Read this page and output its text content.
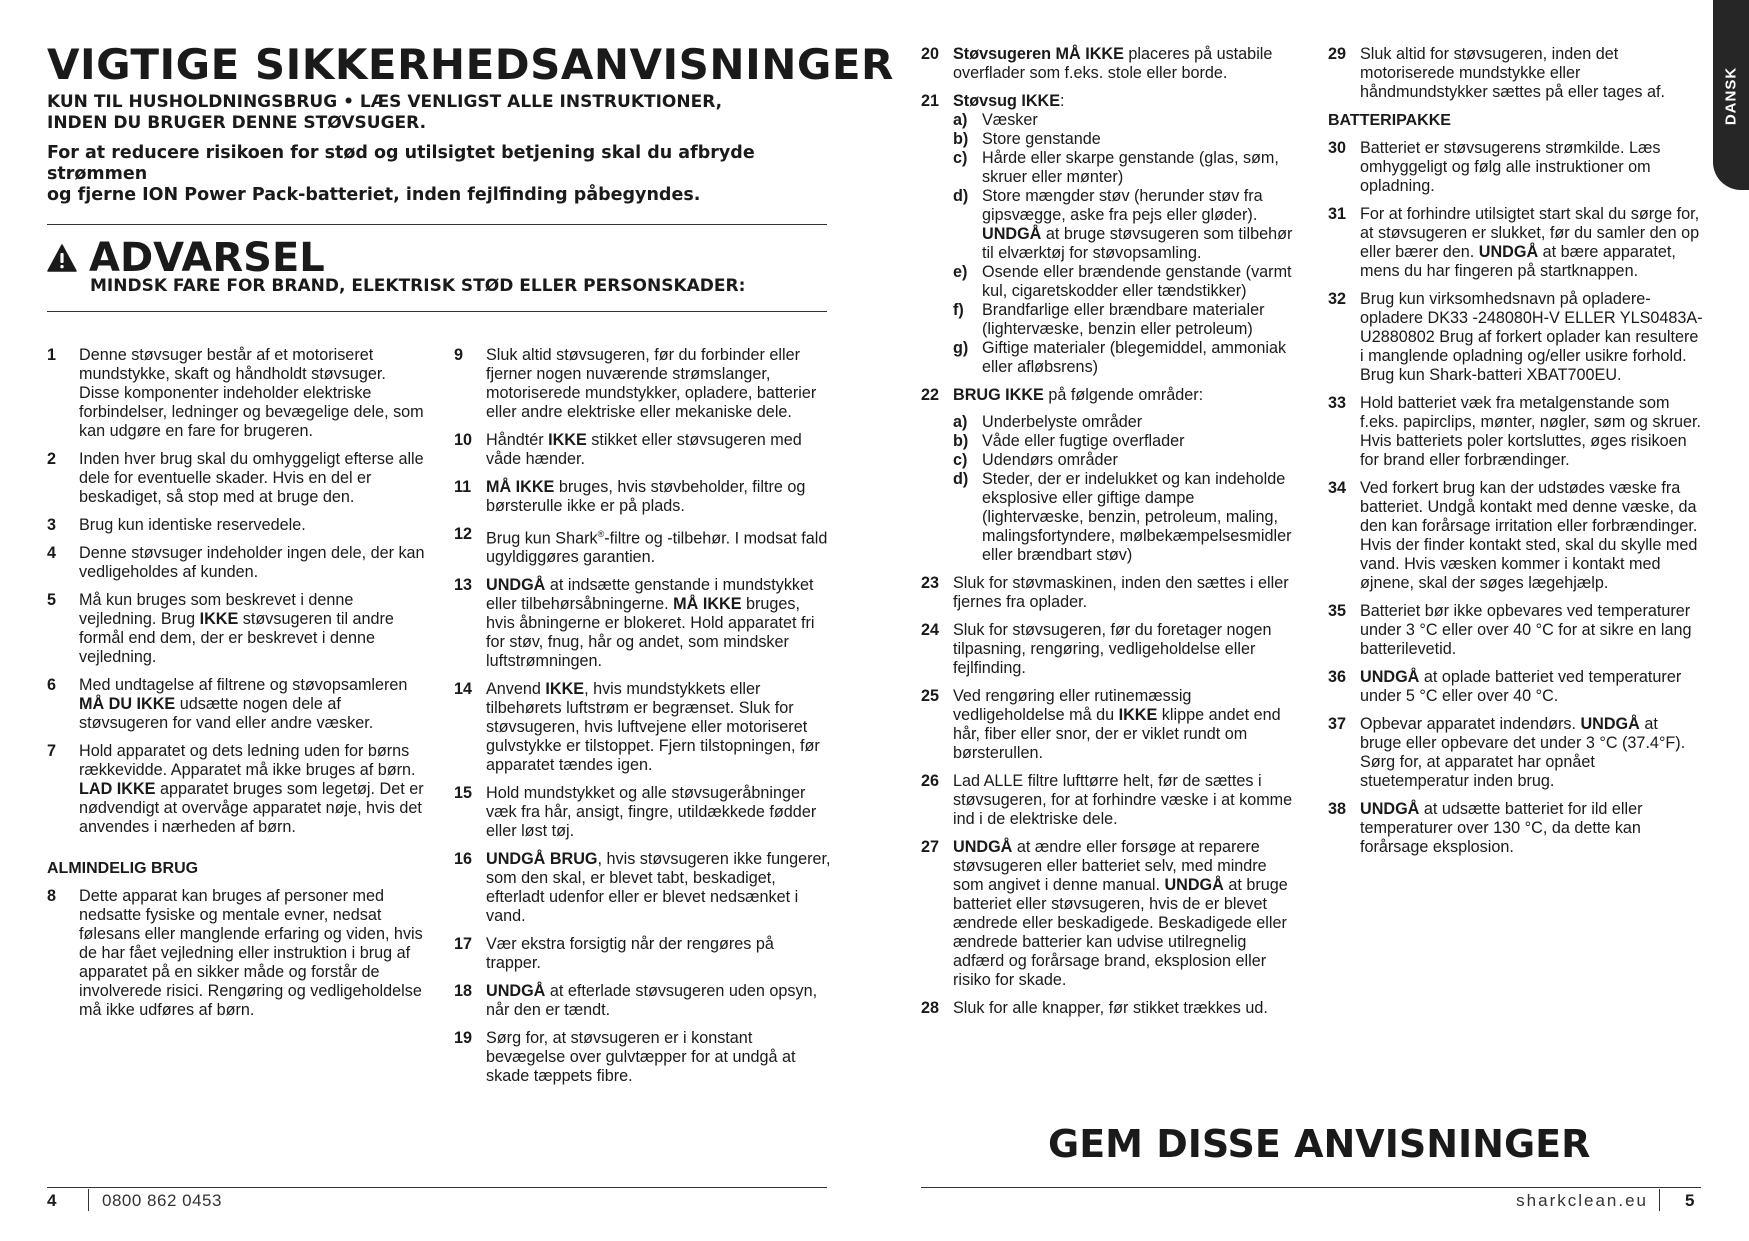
VIGTIGE SIKKERHEDSANVISNINGER

KUN TIL HUSHOLDNINGSBRUG • LÆS VENLIGST ALLE INSTRUKTIONER,
INDEN DU BRUGER DENNE STØVSUGER.

For at reducere risikoen for stød og utilsigtet betjening skal du afbryde strømmen
og fjerne ION Power Pack-batteriet, inden fejlfinding påbegyndes.

ADVARSEL
MINDSK FARE FOR BRAND, ELEKTRISK STØD ELLER PERSONSKADER:
1	Denne støvsuger består af et motoriseret mundstykke, skaft og håndholdt støvsuger. Disse komponenter indeholder elektriske forbindelser, ledninger og bevægelige dele, som kan udgøre en fare for brugeren.
2	Inden hver brug skal du omhyggeligt efterse alle dele for eventuelle skader. Hvis en del er beskadiget, så stop med at bruge den.
3	Brug kun identiske reservedele.
4	Denne støvsuger indeholder ingen dele, der kan vedligeholdes af kunden.
5	Må kun bruges som beskrevet i denne vejledning. Brug IKKE støvsugeren til andre formål end dem, der er beskrevet i denne vejledning.
6	Med undtagelse af filtrene og støvopsamleren MÅ DU IKKE udsætte nogen dele af støvsugeren for vand eller andre væsker.
7	Hold apparatet og dets ledning uden for børns rækkevidde. Apparatet må ikke bruges af børn. LAD IKKE apparatet bruges som legetøj. Det er nødvendigt at overvåge apparatet nøje, hvis det anvendes i nærheden af børn.
ALMINDELIG BRUG
8	Dette apparat kan bruges af personer med nedsatte fysiske og mentale evner, nedsat følesans eller manglende erfaring og viden, hvis de har fået vejledning eller instruktion i brug af apparatet på en sikker måde og forstår de involverede risici. Rengøring og vedligeholdelse må ikke udføres af børn.
9	Sluk altid støvsugeren, før du forbinder eller fjerner nogen nuværende strømslanger, motoriserede mundstykker, opladere, batterier eller andre elektriske eller mekaniske dele.
10 Håndtér IKKE stikket eller støvsugeren med våde hænder.
11 MÅ IKKE bruges, hvis støvbeholder, filtre og børsterulle ikke er på plads.
12 Brug kun Shark®-filtre og -tilbehør. I modsat fald ugyldiggøres garantien.
13 UNDGÅ at indsætte genstande i mundstykket eller tilbehørsåbningerne. MÅ IKKE bruges, hvis åbningerne er blokeret. Hold apparatet fri for støv, fnug, hår og andet, som mindsker luftstrømningen.
14 Anvend IKKE, hvis mundstykkets eller tilbehørets luftstrøm er begrænset. Sluk for støvsugeren, hvis luftvejene eller motoriseret gulvstykke er tilstoppet. Fjern tilstopningen, før apparatet tændes igen.
15 Hold mundstykket og alle støvsugeråbninger væk fra hår, ansigt, fingre, utildækkede fødder eller løst tøj.
16 UNDGÅ BRUG, hvis støvsugeren ikke fungerer, som den skal, er blevet tabt, beskadiget, efterladt udenfor eller er blevet nedsænket i vand.
17 Vær ekstra forsigtig når der rengøres på trapper.
18 UNDGÅ at efterlade støvsugeren uden opsyn, når den er tændt.
19 Sørg for, at støvsugeren er i konstant bevægelse over gulvtæpper for at undgå at skade tæppets fibre.
20 Støvsugeren MÅ IKKE placeres på ustabile overflader som f.eks. stole eller borde.
21 Støvsug IKKE:
a) Væsker
b) Store genstande
c) Hårde eller skarpe genstande (glas, søm, skruer eller mønter)
d) Store mængder støv (herunder støv fra gipsvægge, aske fra pejs eller gløder).
UNDGÅ at bruge støvsugeren som tilbehør til elværktøj for støvopsamling.
e) Osende eller brændende genstande (varmt kul, cigaretskodder eller tændstikker)
f)	Brandfarlige eller brændbare materialer (lightervæske, benzin eller petroleum)
g) Giftige materialer (blegemiddel, ammoniak eller afløbsrens)
22 BRUG IKKE på følgende områder:
a) Underbelyste områder
b) Våde eller fugtige overflader
c) Udendørs områder
d) Steder, der er indelukket og kan indeholde eksplosive eller giftige dampe (lightervæske, benzin, petroleum, maling, malingsfortyndere, mølbekæmpelsesmidler eller brændbart støv)
23 Sluk for støvmaskinen, inden den sættes i eller fjernes fra oplader.
24 Sluk for støvsugeren, før du foretager nogen tilpasning, rengøring, vedligeholdelse eller fejlfinding.
25 Ved rengøring eller rutinemæssig vedligeholdelse må du IKKE klippe andet end hår, fiber eller snor, der er viklet rundt om børsterullen.
26 Lad ALLE filtre lufttørre helt, før de sættes i støvsugeren, for at forhindre væske i at komme ind i de elektriske dele.
27 UNDGÅ at ændre eller forsøge at reparere støvsugeren eller batteriet selv, med mindre som angivet i denne manual. UNDGÅ at bruge batteriet eller støvsugeren, hvis de er blevet ændrede eller beskadigede. Beskadigede eller ændrede batterier kan udvise utilregnelig adfærd og forårsage brand, eksplosion eller risiko for skade.
28 Sluk for alle knapper, før stikket trækkes ud.
29 Sluk altid for støvsugeren, inden det motoriserede mundstykke eller håndmundstykker sættes på eller tages af.
BATTERIPAKKE
30 Batteriet er støvsugerens strømkilde. Læs omhyggeligt og følg alle instruktioner om opladning.
31 For at forhindre utilsigtet start skal du sørge for, at støvsugeren er slukket, før du samler den op eller bærer den. UNDGÅ at bære apparatet, mens du har fingeren på startknappen.
32 Brug kun virksomhedsnavn på opladere-opladere DK33 -248080H-V ELLER YLS0483A-U2880802 Brug af forkert oplader kan resultere i manglende opladning og/eller usikre forhold. Brug kun Shark-batteri XBAT700EU.
33 Hold batteriet væk fra metalgenstande som f.eks. papirclips, mønter, nøgler, søm og skruer. Hvis batteriets poler kortsluttes, øges risikoen for brand eller forbrændinger.
34 Ved forkert brug kan der udstødes væske fra batteriet. Undgå kontakt med denne væske, da den kan forårsage irritation eller forbrændinger. Hvis der finder kontakt sted, skal du skylle med vand. Hvis væsken kommer i kontakt med øjnene, skal der søges lægehjælp.
35 Batteriet bør ikke opbevares ved temperaturer under 3 °C eller over 40 °C for at sikre en lang batterilevetid.
36 UNDGÅ at oplade batteriet ved temperaturer under 5 °C eller over 40 °C.
37 Opbevar apparatet indendørs. UNDGÅ at bruge eller opbevare det under 3 °C (37.4°F). Sørg for, at apparatet har opnået stuetemperatur inden brug.
38 UNDGÅ at udsætte batteriet for ild eller temperaturer over 130 °C, da dette kan forårsage eksplosion.
GEM DISSE ANVISNINGER
4	0800 862 0453	sharkclean.eu 5
DANSK
